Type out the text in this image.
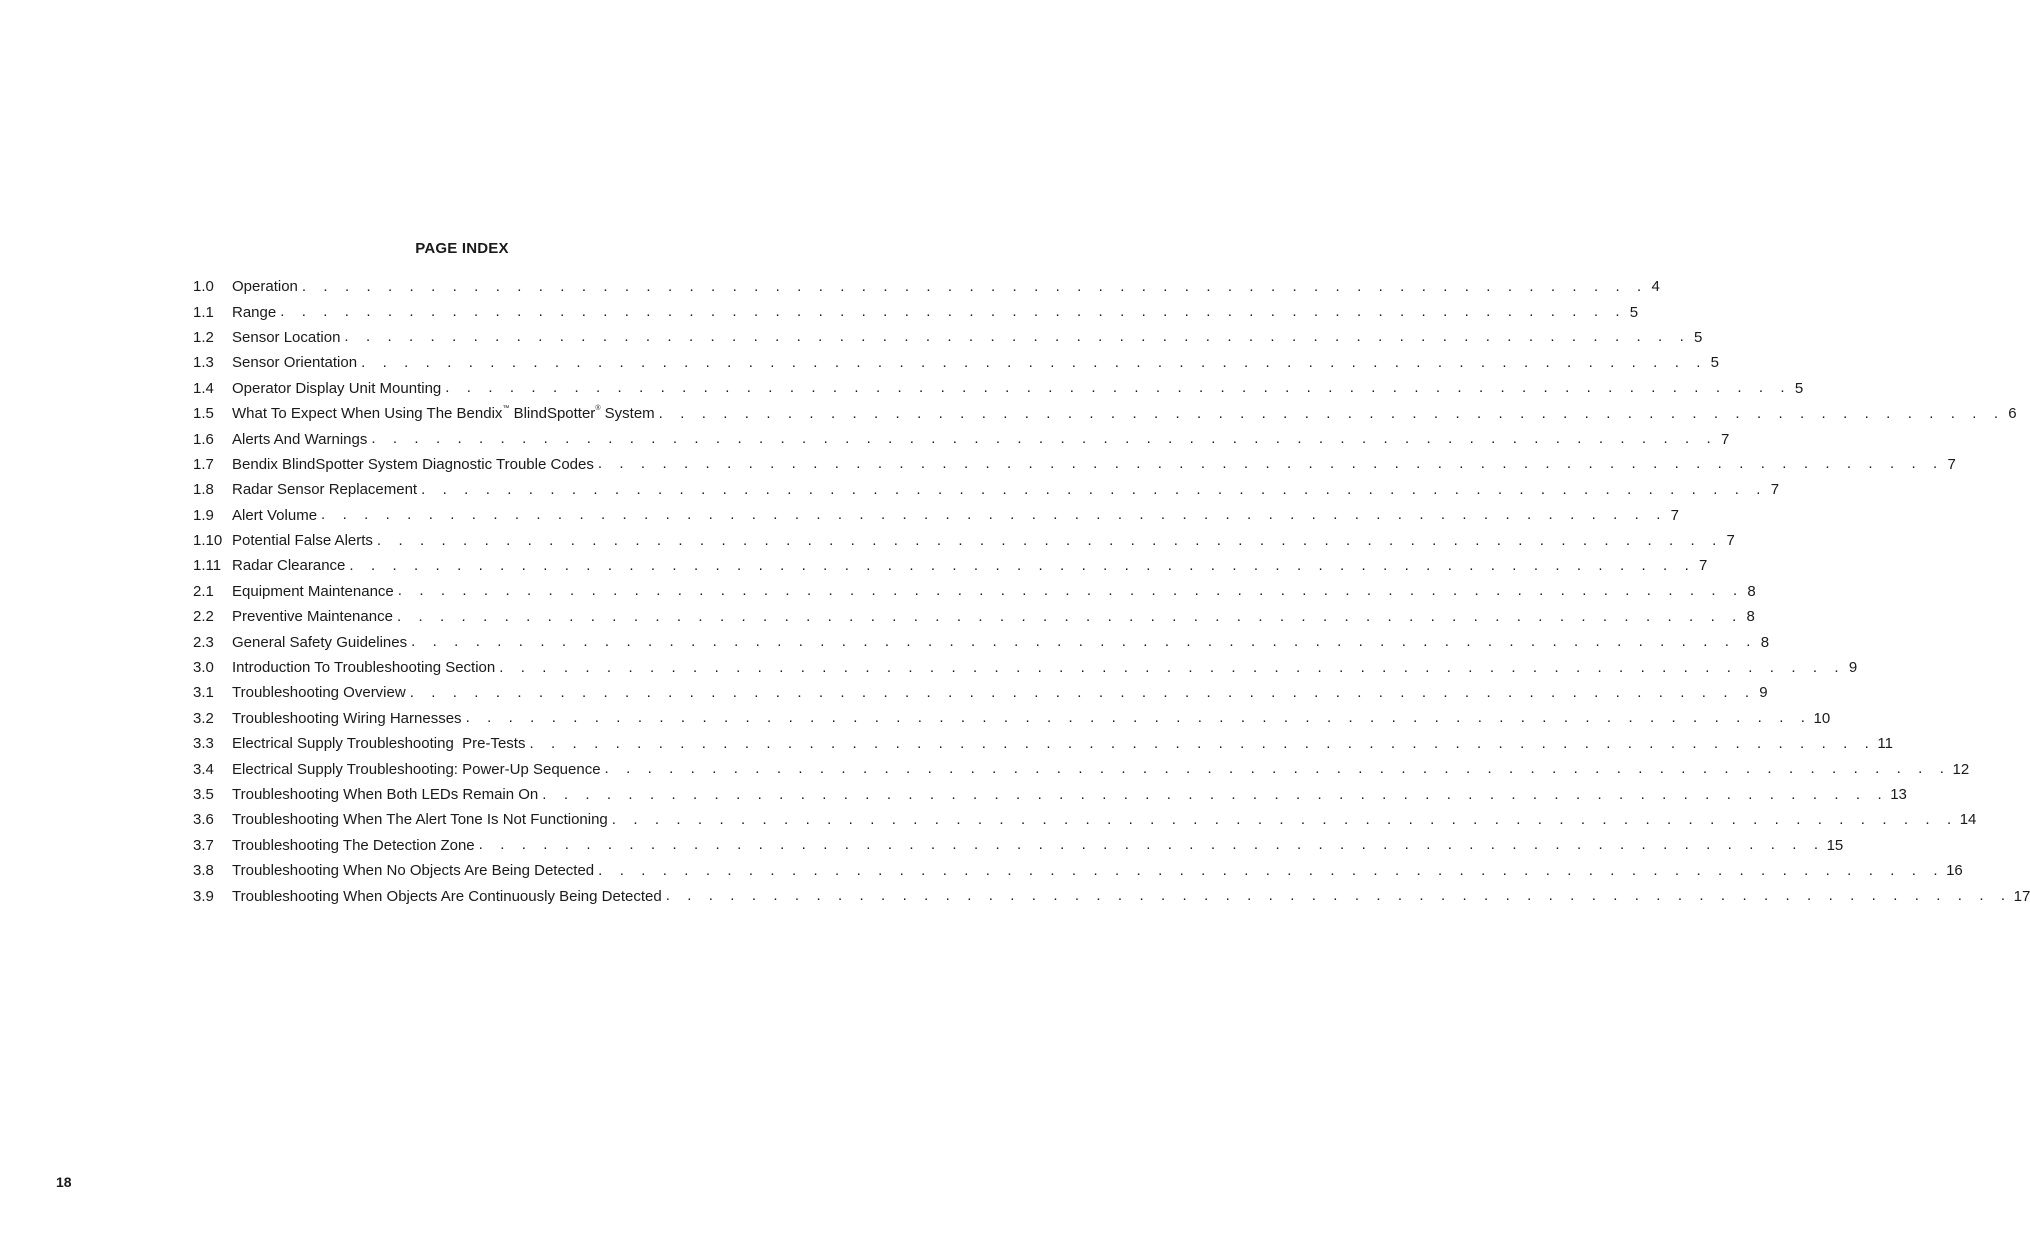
PAGE INDEX
1.0	Operation . . . . . . . . . . . . . . . . . . . . . . . . . . . . . . . . . . . . . . . . . . . . . . . . . . . . . . . . . . . . . . . 4
1.1	Range . . . . . . . . . . . . . . . . . . . . . . . . . . . . . . . . . . . . . . . . . . . . . . . . . . . . . . . . . . . . . . . 5
1.2	Sensor Location . . . . . . . . . . . . . . . . . . . . . . . . . . . . . . . . . . . . . . . . . . . . . . . . . . . . . . . . . . . . . . . 5
1.3	Sensor Orientation . . . . . . . . . . . . . . . . . . . . . . . . . . . . . . . . . . . . . . . . . . . . . . . . . . . . . . . . . . . . . . . 5
1.4	Operator Display Unit Mounting . . . . . . . . . . . . . . . . . . . . . . . . . . . . . . . . . . . . . . . . . . . . . . . . . . . . . . . . . . . . . . . 5
1.5	What To Expect When Using The Bendix™ BlindSpotter® System . . . . . . . . . . . . . . . . . . . . . . . . . . . . . . . . . . . . . . . . . . . . . . . . . . . . . . . . . . . . . . . 6
1.6	Alerts And Warnings . . . . . . . . . . . . . . . . . . . . . . . . . . . . . . . . . . . . . . . . . . . . . . . . . . . . . . . . . . . . . . . 7
1.7	Bendix BlindSpotter System Diagnostic Trouble Codes . . . . . . . . . . . . . . . . . . . . . . . . . . . . . . . . . . . . . . . . . . . . . . . . . . . . . . . . . . . . . . . 7
1.8	Radar Sensor Replacement . . . . . . . . . . . . . . . . . . . . . . . . . . . . . . . . . . . . . . . . . . . . . . . . . . . . . . . . . . . . . . . 7
1.9	Alert Volume . . . . . . . . . . . . . . . . . . . . . . . . . . . . . . . . . . . . . . . . . . . . . . . . . . . . . . . . . . . . . . . 7
1.10 Potential False Alerts . . . . . . . . . . . . . . . . . . . . . . . . . . . . . . . . . . . . . . . . . . . . . . . . . . . . . . . . . . . . . . . 7
1.11 Radar Clearance . . . . . . . . . . . . . . . . . . . . . . . . . . . . . . . . . . . . . . . . . . . . . . . . . . . . . . . . . . . . . . . 7
2.1	Equipment Maintenance . . . . . . . . . . . . . . . . . . . . . . . . . . . . . . . . . . . . . . . . . . . . . . . . . . . . . . . . . . . . . . . 8
2.2	Preventive Maintenance . . . . . . . . . . . . . . . . . . . . . . . . . . . . . . . . . . . . . . . . . . . . . . . . . . . . . . . . . . . . . . . 8
2.3	General Safety Guidelines . . . . . . . . . . . . . . . . . . . . . . . . . . . . . . . . . . . . . . . . . . . . . . . . . . . . . . . . . . . . . . . 8
3.0	Introduction To Troubleshooting Section . . . . . . . . . . . . . . . . . . . . . . . . . . . . . . . . . . . . . . . . . . . . . . . . . . . . . . . . . . . . . . . 9
3.1	Troubleshooting Overview . . . . . . . . . . . . . . . . . . . . . . . . . . . . . . . . . . . . . . . . . . . . . . . . . . . . . . . . . . . . . . . 9
3.2	Troubleshooting Wiring Harnesses . . . . . . . . . . . . . . . . . . . . . . . . . . . . . . . . . . . . . . . . . . . . . . . . . . . . . . . . . . . . . . . 10
3.3	Electrical Supply Troubleshooting  Pre-Tests . . . . . . . . . . . . . . . . . . . . . . . . . . . . . . . . . . . . . . . . . . . . . . . . . . . . . . . . . . . . . . . 11
3.4	Electrical Supply Troubleshooting: Power-Up Sequence . . . . . . . . . . . . . . . . . . . . . . . . . . . . . . . . . . . . . . . . . . . . . . . . . . . . . . . . . . . . . . . 12
3.5	Troubleshooting When Both LEDs Remain On . . . . . . . . . . . . . . . . . . . . . . . . . . . . . . . . . . . . . . . . . . . . . . . . . . . . . . . . . . . . . . . 13
3.6	Troubleshooting When The Alert Tone Is Not Functioning . . . . . . . . . . . . . . . . . . . . . . . . . . . . . . . . . . . . . . . . . . . . . . . . . . . . . . . . . . . . . . . 14
3.7	Troubleshooting The Detection Zone . . . . . . . . . . . . . . . . . . . . . . . . . . . . . . . . . . . . . . . . . . . . . . . . . . . . . . . . . . . . . . . 15
3.8	Troubleshooting When No Objects Are Being Detected . . . . . . . . . . . . . . . . . . . . . . . . . . . . . . . . . . . . . . . . . . . . . . . . . . . . . . . . . . . . . . . 16
3.9	Troubleshooting When Objects Are Continuously Being Detected . . . . . . . . . . . . . . . . . . . . . . . . . . . . . . . . . . . . . . . . . . . . . . . . . . . . . . . . . . . . . . . 17
18
